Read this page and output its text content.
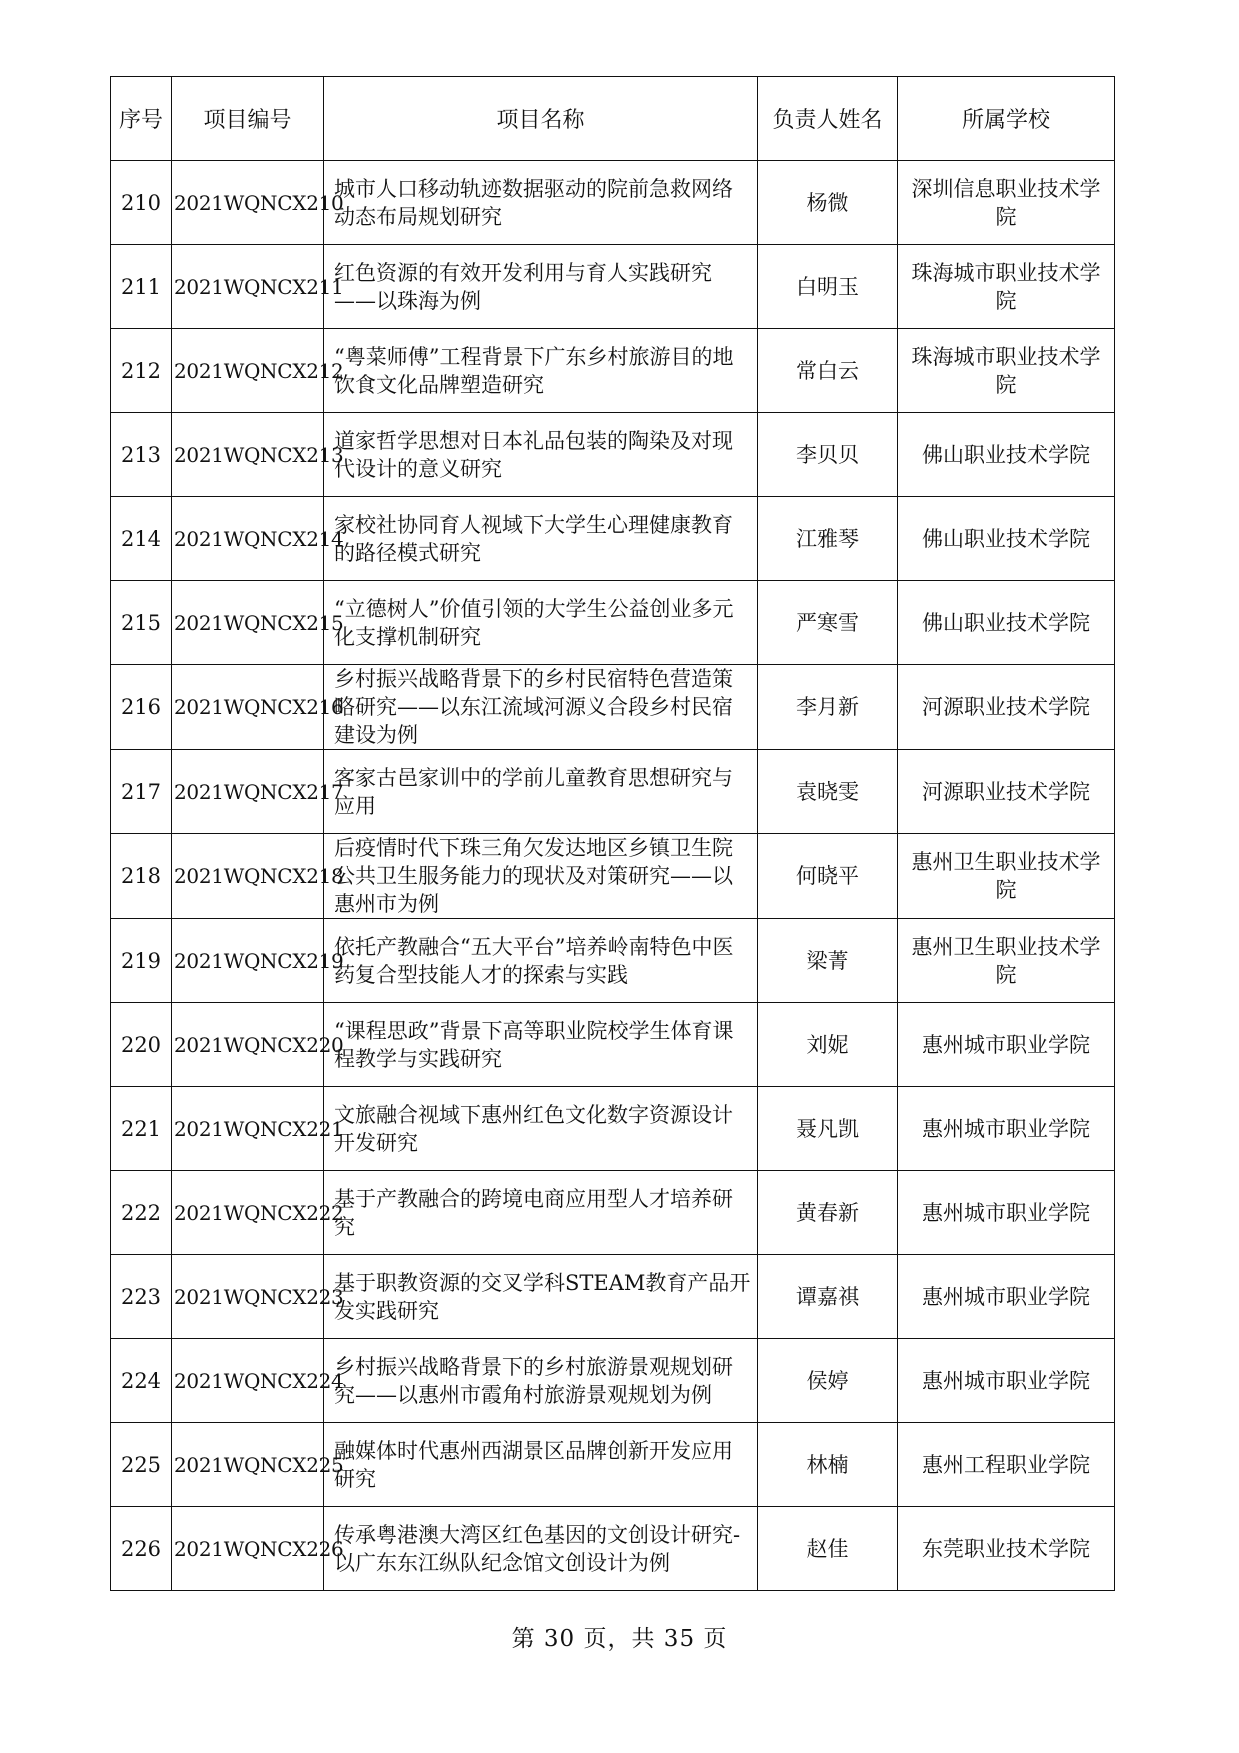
序号	项目编号	项目名称	负责人姓名	所属学校
210	2021WQNCX210	城市人口移动轨迹数据驱动的院前急救网络动态布局规划研究	杨微	深圳信息职业技术学院
211	2021WQNCX211	红色资源的有效开发利用与育人实践研究——以珠海为例	白明玉	珠海城市职业技术学院
212	2021WQNCX212	“粤菜师傅”工程背景下广东乡村旅游目的地饮食文化品牌塑造研究	常白云	珠海城市职业技术学院
213	2021WQNCX213	道家哲学思想对日本礼品包装的陶染及对现代设计的意义研究	李贝贝	佛山职业技术学院
214	2021WQNCX214	家校社协同育人视域下大学生心理健康教育的路径模式研究	江雅琴	佛山职业技术学院
215	2021WQNCX215	“立德树人”价值引领的大学生公益创业多元化支撑机制研究	严寒雪	佛山职业技术学院
216	2021WQNCX216	乡村振兴战略背景下的乡村民宿特色营造策略研究——以东江流域河源义合段乡村民宿建设为例	李月新	河源职业技术学院
217	2021WQNCX217	客家古邑家训中的学前儿童教育思想研究与应用	袁晓雯	河源职业技术学院
218	2021WQNCX218	后疫情时代下珠三角欠发达地区乡镇卫生院公共卫生服务能力的现状及对策研究——以惠州市为例	何晓平	惠州卫生职业技术学院
219	2021WQNCX219	依托产教融合“五大平台”培养岭南特色中医药复合型技能人才的探索与实践	梁菁	惠州卫生职业技术学院
220	2021WQNCX220	“课程思政”背景下高等职业院校学生体育课程教学与实践研究	刘妮	惠州城市职业学院
221	2021WQNCX221	文旅融合视域下惠州红色文化数字资源设计开发研究	聂凡凯	惠州城市职业学院
222	2021WQNCX222	基于产教融合的跨境电商应用型人才培养研究	黄春新	惠州城市职业学院
223	2021WQNCX223	基于职教资源的交叉学科STEAM教育产品开发实践研究	谭嘉祺	惠州城市职业学院
224	2021WQNCX224	乡村振兴战略背景下的乡村旅游景观规划研究——以惠州市霞角村旅游景观规划为例	侯婷	惠州城市职业学院
225	2021WQNCX225	融媒体时代惠州西湖景区品牌创新开发应用研究	林楠	惠州工程职业学院
226	2021WQNCX226	传承粤港澳大湾区红色基因的文创设计研究-以广东东江纵队纪念馆文创设计为例	赵佳	东莞职业技术学院
第 30 页，共 35 页
